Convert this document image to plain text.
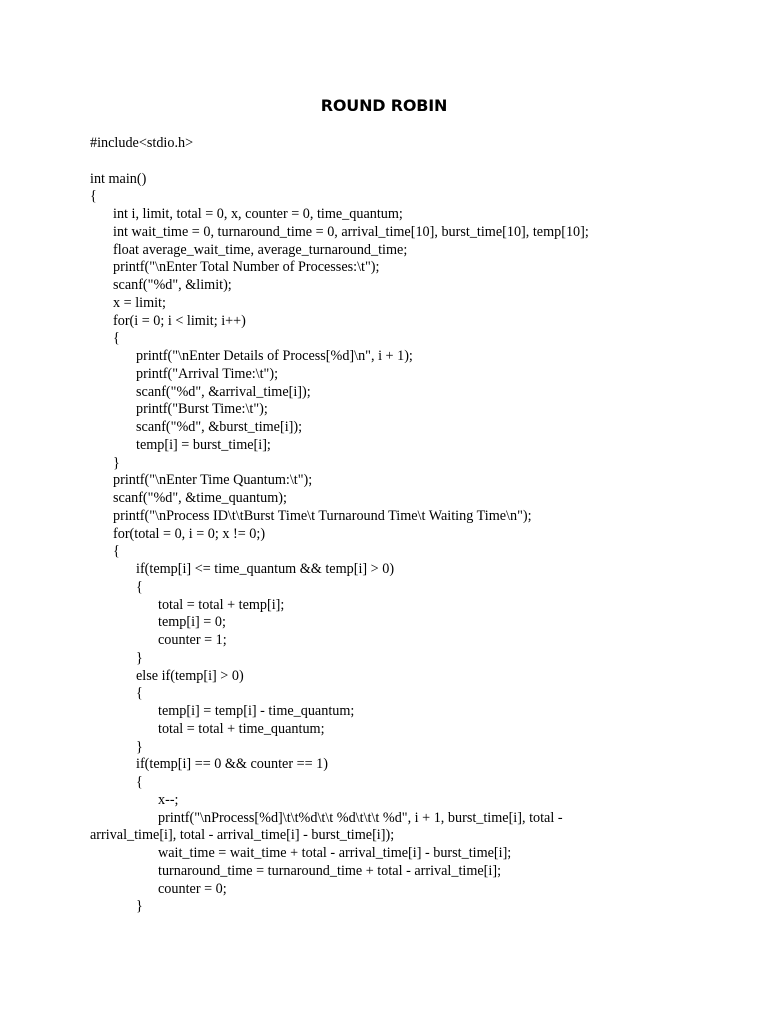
ROUND ROBIN
#include<stdio.h>
int main()
{
int i, limit, total = 0, x, counter = 0, time_quantum;
int wait_time = 0, turnaround_time = 0, arrival_time[10], burst_time[10], temp[10];
float average_wait_time, average_turnaround_time;
printf("\nEnter Total Number of Processes:\t");
scanf("%d", &limit);
x = limit;
for(i = 0; i < limit; i++)
{
printf("\nEnter Details of Process[%d]\n", i + 1);
printf("Arrival Time:\t");
scanf("%d", &arrival_time[i]);
printf("Burst Time:\t");
scanf("%d", &burst_time[i]);
temp[i] = burst_time[i];
}
printf("\nEnter Time Quantum:\t");
scanf("%d", &time_quantum);
printf("\nProcess ID\t\tBurst Time\t Turnaround Time\t Waiting Time\n");
for(total = 0, i = 0; x != 0;)
{
if(temp[i] <= time_quantum && temp[i] > 0)
{
total = total + temp[i];
temp[i] = 0;
counter = 1;
}
else if(temp[i] > 0)
{
temp[i] = temp[i] - time_quantum;
total = total + time_quantum;
}
if(temp[i] == 0 && counter == 1)
{
x--;
printf("\nProcess[%d]\t\t%d\t\t %d\t\t\t %d", i + 1, burst_time[i], total -
arrival_time[i], total - arrival_time[i] - burst_time[i]);
wait_time = wait_time + total - arrival_time[i] - burst_time[i];
turnaround_time = turnaround_time + total - arrival_time[i];
counter = 0;
}
